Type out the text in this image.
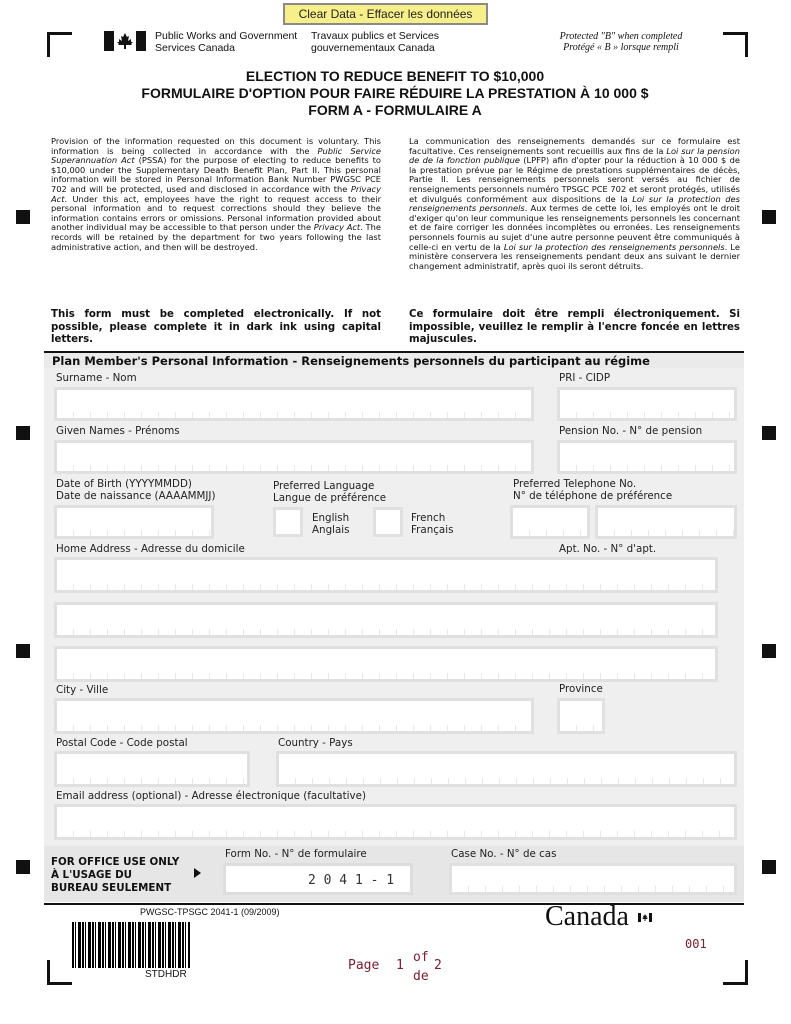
Clear Data - Effacer les données
Public Works and Government
Services Canada
Travaux publics et Services
gouvernementaux Canada
Protected "B" when completed
Protégé « B » lorsque rempli
ELECTION TO REDUCE BENEFIT TO $10,000
FORMULAIRE D'OPTION POUR FAIRE RÉDUIRE LA PRESTATION À 10 000 $
FORM A - FORMULAIRE A
Provision of the information requested on this document is voluntary. This information is being collected in accordance with the Public Service Superannuation Act (PSSA) for the purpose of electing to reduce benefits to $10,000 under the Supplementary Death Benefit Plan, Part II. This personal information will be stored in Personal Information Bank Number PWGSC PCE 702 and will be protected, used and disclosed in accordance with the Privacy Act. Under this act, employees have the right to request access to their personal information and to request corrections should they believe the information contains errors or omissions. Personal information provided about another individual may be accessible to that person under the Privacy Act. The records will be retained by the department for two years following the last administrative action, and then will be destroyed.
La communication des renseignements demandés sur ce formulaire est facultative. Ces renseignements sont recueillis aux fins de la Loi sur la pension de de la fonction publique (LPFP) afin d'opter pour la réduction à 10 000 $ de la prestation prévue par le Régime de prestations supplémentaires de décès, Partie II. Les renseignements personnels seront versés au fichier de renseignements personnels numéro TPSGC PCE 702 et seront protégés, utilisés et divulgués conformément aux dispositions de la Loi sur la protection des renseignements personnels. Aux termes de cette loi, les employés ont le droit d'exiger qu'on leur communique les renseignements personnels les concernant et de faire corriger les données incomplètes ou erronées. Les renseignements personnels fournis au sujet d'une autre personne peuvent être communiqués à celle-ci en vertu de la Loi sur la protection des renseignements personnels. Le ministère conservera les renseignements pendant deux ans suivant le dernier changement administratif, après quoi ils seront détruits.
This form must be completed electronically. If not possible, please complete it in dark ink using capital letters.
Ce formulaire doit être rempli électroniquement. Si impossible, veuillez le remplir à l'encre foncée en lettres majuscules.
Plan Member's Personal Information - Renseignements personnels du participant au régime
Surname - Nom	PRI - CIDP
Given Names - Prénoms	Pension No. - N° de pension
Date of Birth (YYYYMMDD)
Date de naissance (AAAAMMJJ)
Preferred Language
Langue de préférence
English
Anglais
French
Français
Preferred Telephone No.
N° de téléphone de préférence
Home Address - Adresse du domicile	Apt. No. - N° d'apt.
City - Ville	Province
Postal Code - Code postal	Country - Pays
Email address (optional) - Adresse électronique (facultative)
FOR OFFICE USE ONLY
À L'USAGE DU
BUREAU SEULEMENT
Form No. - N° de formulaire
2 0 4 1 - 1
Case No. - N° de cas
PWGSC-TPSGC 2041-1 (09/2009)
STDHDR
Canada
001
Page 1
of
de
2
